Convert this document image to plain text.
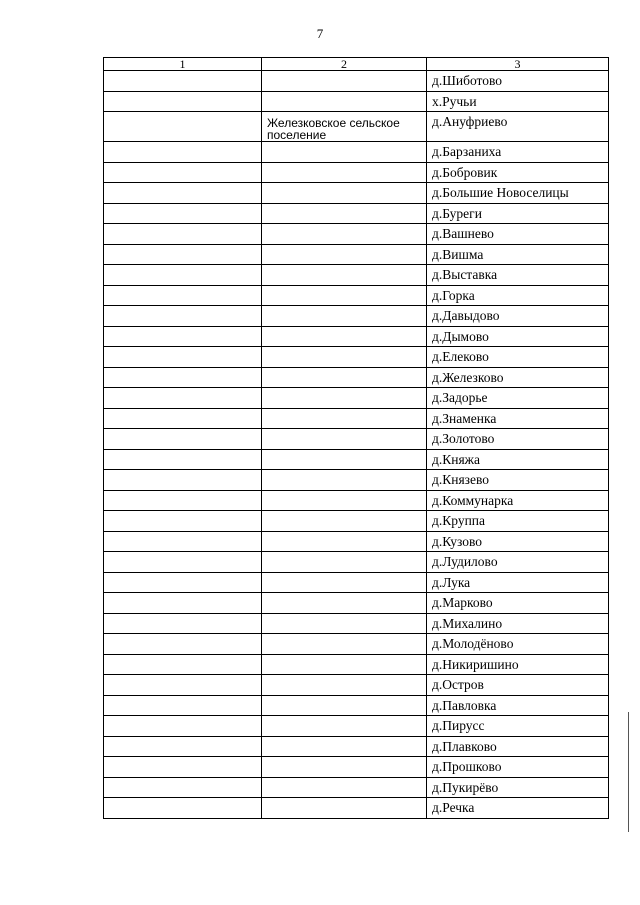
7
1	2	3
		д.Шиботово
		х.Ручьи
	Железковское сельское поселение	д.Ануфриево
		д.Барзаниха
		д.Бобровик
		д.Большие Новоселицы
		д.Буреги
		д.Вашнево
		д.Вишма
		д.Выставка
		д.Горка
		д.Давыдово
		д.Дымово
		д.Елеково
		д.Железково
		д.Задорье
		д.Знаменка
		д.Золотово
		д.Княжа
		д.Князево
		д.Коммунарка
		д.Круппа
		д.Кузово
		д.Лудилово
		д.Лука
		д.Марково
		д.Михалино
		д.Молодёново
		д.Никиришино
		д.Остров
		д.Павловка
		д.Пирусс
		д.Плавково
		д.Прошково
		д.Пукирёво
		д.Речка
